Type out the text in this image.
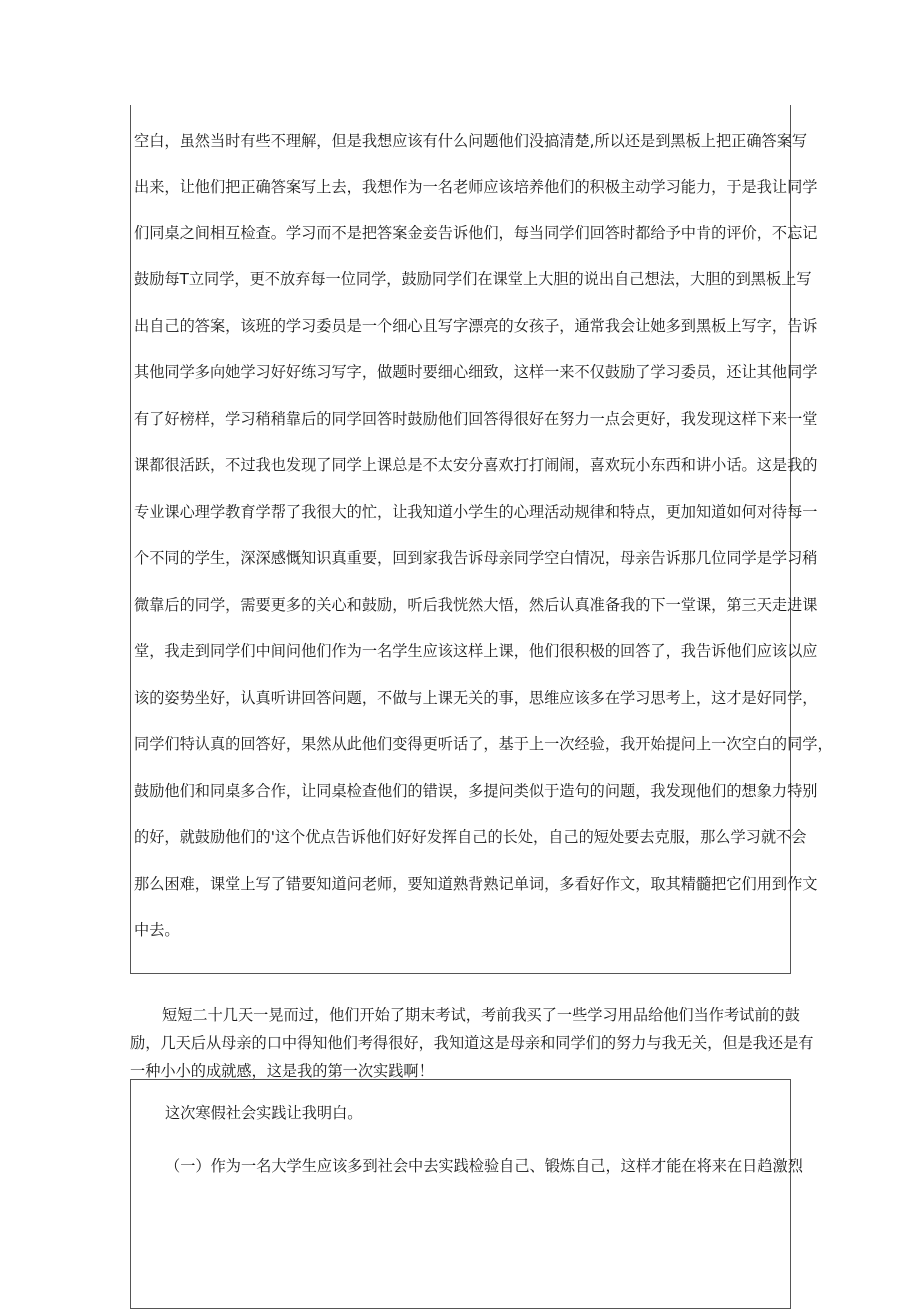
空白，虽然当时有些不理解，但是我想应该有什么问题他们没搞清楚,所以还是到黑板上把正确答案写
出来，让他们把正确答案写上去，我想作为一名老师应该培养他们的积极主动学习能力，于是我让同学
们同桌之间相互检查。学习而不是把答案金妾告诉他们，每当同学们回答时都给予中肯的评价，不忘记
鼓励每T立同学，更不放弃每一位同学，鼓励同学们在课堂上大胆的说出自己想法，大胆的到黑板上写
出自己的答案，该班的学习委员是一个细心且写字漂亮的女孩子，通常我会让她多到黑板上写字，告诉
其他同学多向她学习好好练习写字，做题时要细心细致，这样一来不仅鼓励了学习委员，还让其他同学
有了好榜样，学习稍稍靠后的同学回答时鼓励他们回答得很好在努力一点会更好，我发现这样下来一堂
课都很活跃，不过我也发现了同学上课总是不太安分喜欢打打闹闹，喜欢玩小东西和讲小话。这是我的
专业课心理学教育学帮了我很大的忙，让我知道小学生的心理活动规律和特点，更加知道如何对待每一
个不同的学生，深深感慨知识真重要，回到家我告诉母亲同学空白情况，母亲告诉那几位同学是学习稍
微靠后的同学，需要更多的关心和鼓励，听后我恍然大悟，然后认真准备我的下一堂课，第三天走进课
堂，我走到同学们中间问他们作为一名学生应该这样上课，他们很积极的回答了，我告诉他们应该以应
该的姿势坐好，认真听讲回答问题，不做与上课无关的事，思维应该多在学习思考上，这才是好同学，
同学们特认真的回答好，果然从此他们变得更听话了，基于上一次经验，我开始提问上一次空白的同学，
鼓励他们和同桌多合作，让同桌检查他们的错误，多提问类似于造句的问题，我发现他们的想象力特别
的好，就鼓励他们的'这个优点告诉他们好好发挥自己的长处，自己的短处要去克服，那么学习就不会
那么困难，课堂上写了错要知道问老师，要知道熟背熟记单词，多看好作文，取其精髓把它们用到作文
中去。
短短二十几天一晃而过，他们开始了期末考试，考前我买了一些学习用品给他们当作考试前的鼓
励，几天后从母亲的口中得知他们考得很好，我知道这是母亲和同学们的努力与我无关，但是我还是有
一种小小的成就感，这是我的第一次实践啊！
这次寒假社会实践让我明白。
（一）作为一名大学生应该多到社会中去实践检验自己、锻炼自己，这样才能在将来在日趋激烈
